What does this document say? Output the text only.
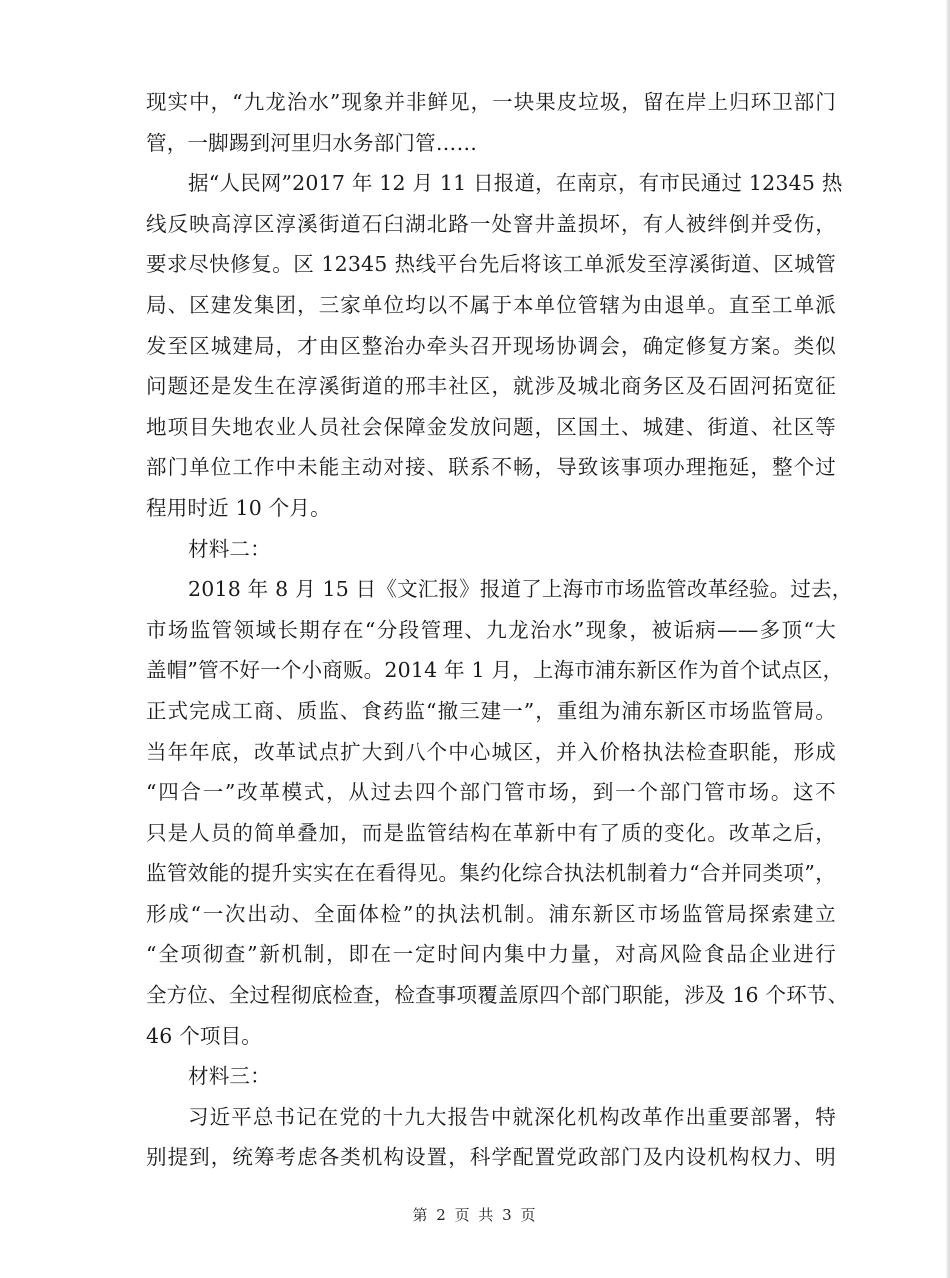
现实中，“九龙治水”现象并非鲜见，一块果皮垃圾，留在岸上归环卫部门
管，一脚踢到河里归水务部门管……
据“人民网”2017 年 12 月 11 日报道，在南京，有市民通过 12345 热
线反映高淳区淳溪街道石臼湖北路一处窨井盖损坏，有人被绊倒并受伤，
要求尽快修复。区 12345 热线平台先后将该工单派发至淳溪街道、区城管
局、区建发集团，三家单位均以不属于本单位管辖为由退单。直至工单派
发至区城建局，才由区整治办牵头召开现场协调会，确定修复方案。类似
问题还是发生在淳溪街道的邢丰社区，就涉及城北商务区及石固河拓宽征
地项目失地农业人员社会保障金发放问题，区国土、城建、街道、社区等
部门单位工作中未能主动对接、联系不畅，导致该事项办理拖延，整个过
程用时近 10 个月。
材料二：
2018 年 8 月 15 日《文汇报》报道了上海市市场监管改革经验。过去，
市场监管领域长期存在“分段管理、九龙治水”现象，被诟病——多顶“大
盖帽”管不好一个小商贩。2014 年 1 月，上海市浦东新区作为首个试点区，
正式完成工商、质监、食药监“撤三建一”，重组为浦东新区市场监管局。
当年年底，改革试点扩大到八个中心城区，并入价格执法检查职能，形成
“四合一”改革模式，从过去四个部门管市场，到一个部门管市场。这不
只是人员的简单叠加，而是监管结构在革新中有了质的变化。改革之后，
监管效能的提升实实在在看得见。集约化综合执法机制着力“合并同类项”，
形成“一次出动、全面体检”的执法机制。浦东新区市场监管局探索建立
“全项彻查”新机制，即在一定时间内集中力量，对高风险食品企业进行
全方位、全过程彻底检查，检查事项覆盖原四个部门职能，涉及 16 个环节、
46 个项目。
材料三：
习近平总书记在党的十九大报告中就深化机构改革作出重要部署，特
别提到，统筹考虑各类机构设置，科学配置党政部门及内设机构权力、明
第 2 页 共 3 页
